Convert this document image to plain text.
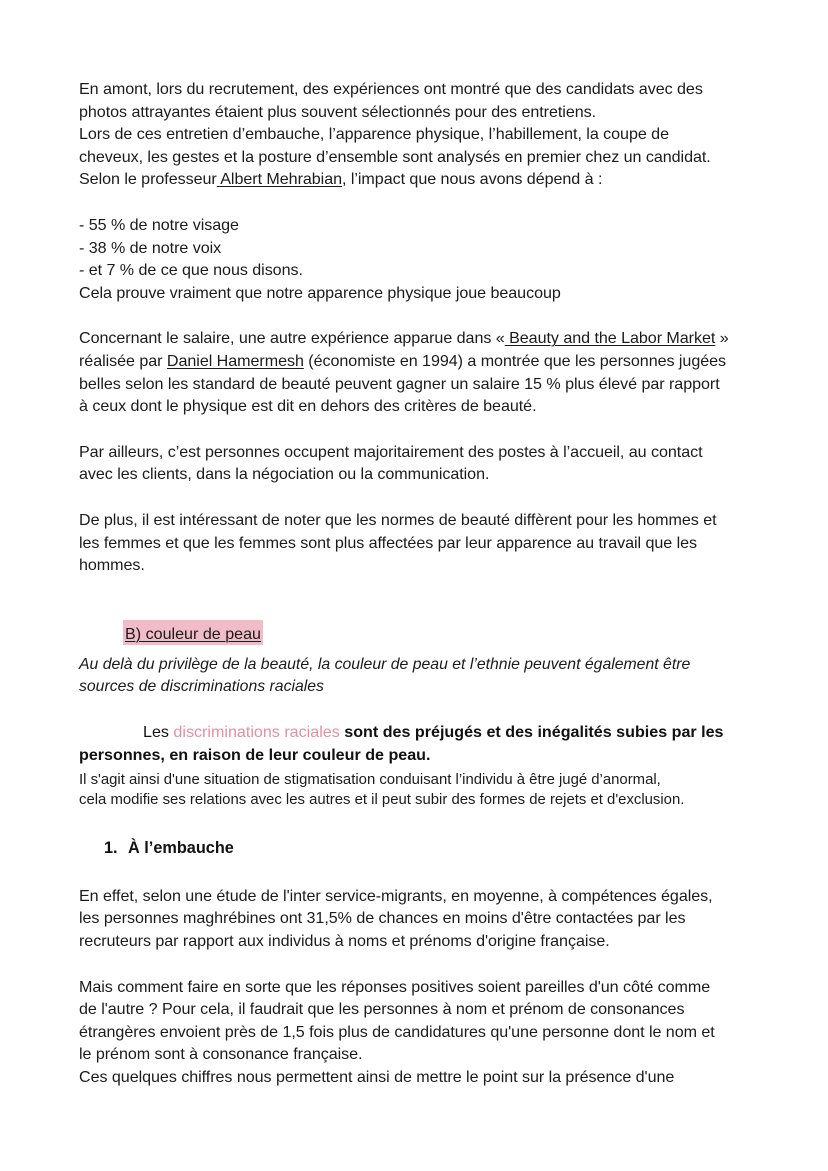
En amont, lors du recrutement, des expériences ont montré que des candidats avec des
photos attrayantes étaient plus souvent sélectionnés pour des entretiens.
Lors de ces entretien d’embauche, l’apparence physique, l’habillement, la coupe de
cheveux, les gestes et la posture d’ensemble sont analysés en premier chez un candidat.
Selon le professeur Albert Mehrabian, l’impact que nous avons dépend à :
- 55 % de notre visage
- 38 % de notre voix
- et 7 % de ce que nous disons.
Cela prouve vraiment que notre apparence physique joue beaucoup
Concernant le salaire, une autre expérience apparue dans « Beauty and the Labor Market »
réalisée par Daniel Hamermesh (économiste en 1994) a montrée que les personnes jugées
belles selon les standard de beauté peuvent gagner un salaire 15 % plus élevé par rapport
à ceux dont le physique est dit en dehors des critères de beauté.
Par ailleurs, c’est personnes occupent majoritairement des postes à l’accueil, au contact
avec les clients, dans la négociation ou la communication.
De plus, il est intéressant de noter que les normes de beauté diffèrent pour les hommes et
les femmes et que les femmes sont plus affectées par leur apparence au travail que les
hommes.
B) couleur de peau
Au delà du privilège de la beauté, la couleur de peau et l’ethnie peuvent également être
sources de discriminations raciales
Les discriminations raciales sont des préjugés et des inégalités subies par les
personnes, en raison de leur couleur de peau.
Il s'agit ainsi d'une situation de stigmatisation conduisant l’individu à être jugé d’anormal,
cela modifie ses relations avec les autres et il peut subir des formes de rejets et d'exclusion.
1. À l’embauche
En effet, selon une étude de l'inter service-migrants, en moyenne, à compétences égales,
les personnes maghrébines ont 31,5% de chances en moins d'être contactées par les
recruteurs par rapport aux individus à noms et prénoms d'origine française.
Mais comment faire en sorte que les réponses positives soient pareilles d'un côté comme
de l'autre ? Pour cela, il faudrait que les personnes à nom et prénom de consonances
étrangères envoient près de 1,5 fois plus de candidatures qu'une personne dont le nom et
le prénom sont à consonance française.
Ces quelques chiffres nous permettent ainsi de mettre le point sur la présence d'une
